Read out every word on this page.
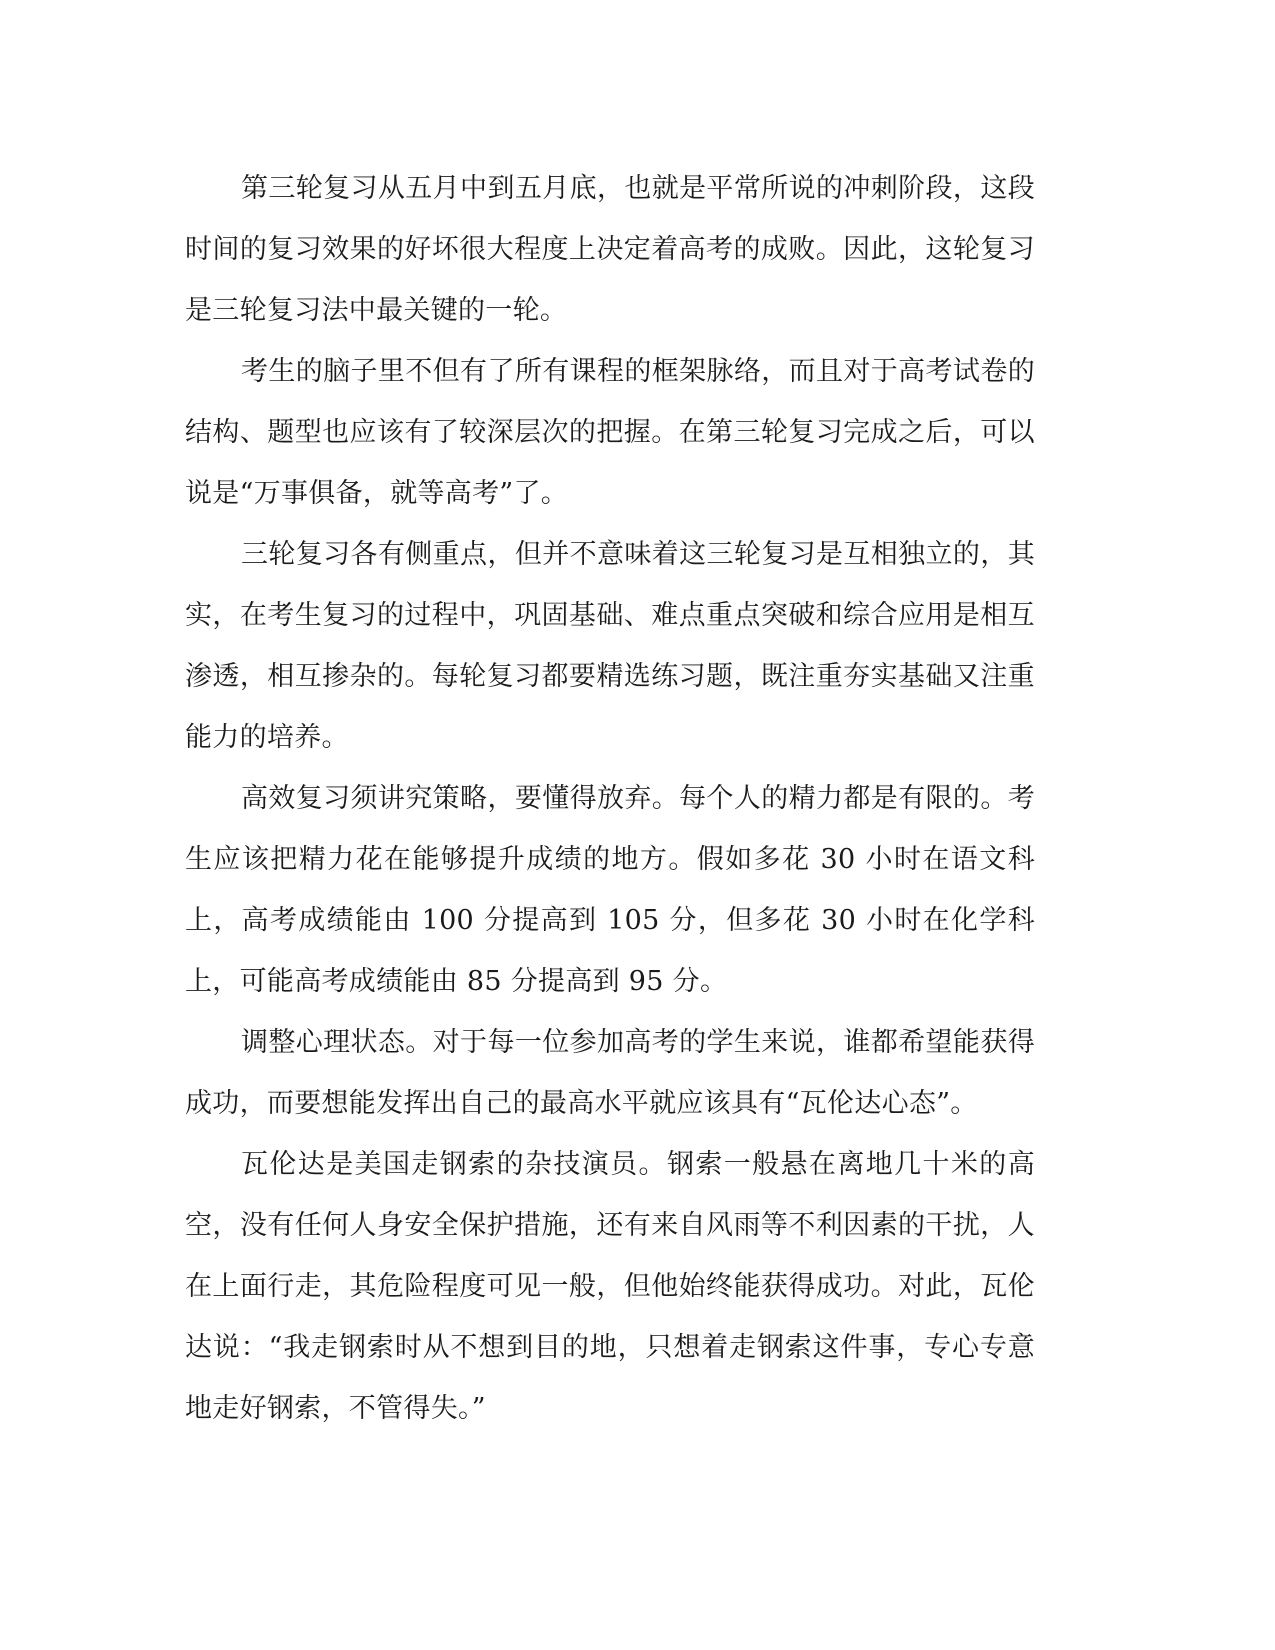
第三轮复习从五月中到五月底，也就是平常所说的冲刺阶段，这段时间的复习效果的好坏很大程度上决定着高考的成败。因此，这轮复习是三轮复习法中最关键的一轮。

考生的脑子里不但有了所有课程的框架脉络，而且对于高考试卷的结构、题型也应该有了较深层次的把握。在第三轮复习完成之后，可以说是“万事俱备，就等高考”了。

三轮复习各有侧重点，但并不意味着这三轮复习是互相独立的，其实，在考生复习的过程中，巩固基础、难点重点突破和综合应用是相互渗透，相互掺杂的。每轮复习都要精选练习题，既注重夯实基础又注重能力的培养。

高效复习须讲究策略，要懂得放弃。每个人的精力都是有限的。考生应该把精力花在能够提升成绩的地方。假如多花 30 小时在语文科上，高考成绩能由 100 分提高到 105 分，但多花 30 小时在化学科上，可能高考成绩能由 85 分提高到 95 分。

调整心理状态。对于每一位参加高考的学生来说，谁都希望能获得成功，而要想能发挥出自己的最高水平就应该具有“瓦伦达心态”。

瓦伦达是美国走钢索的杂技演员。钢索一般悬在离地几十米的高空，没有任何人身安全保护措施，还有来自风雨等不利因素的干扰，人在上面行走，其危险程度可见一般，但他始终能获得成功。对此，瓦伦达说：“我走钢索时从不想到目的地，只想着走钢索这件事，专心专意地走好钢索，不管得失。”
